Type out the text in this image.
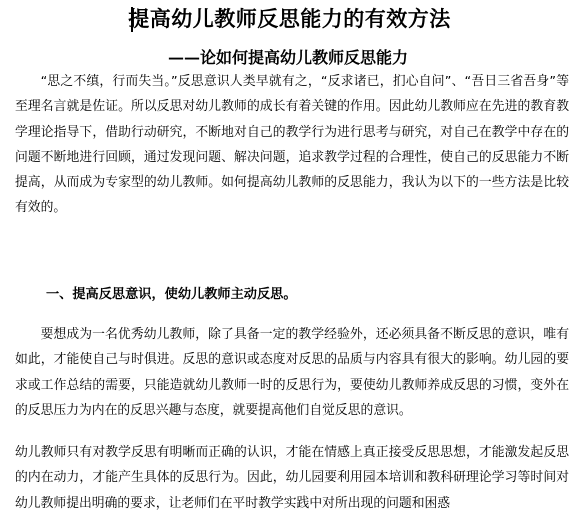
提高幼儿教师反思能力的有效方法
——论如何提高幼儿教师反思能力

“思之不缜，行而失当。”反思意识人类早就有之，“反求诸已，扪心自问”、“吾日三省吾身”等至理名言就是佐证。所以反思对幼儿教师的成长有着关键的作用。因此幼儿教师应在先进的教育教学理论指导下，借助行动研究，不断地对自己的教学行为进行思考与研究，对自己在教学中存在的问题不断地进行回顾，通过发现问题、解决问题，追求教学过程的合理性，使自己的反思能力不断提高，从而成为专家型的幼儿教师。如何提高幼儿教师的反思能力，我认为以下的一些方法是比较有效的。

一、提高反思意识，使幼儿教师主动反思。

要想成为一名优秀幼儿教师，除了具备一定的教学经验外，还必须具备不断反思的意识，唯有如此，才能使自己与时俱进。反思的意识或态度对反思的品质与内容具有很大的影响。幼儿园的要求或工作总结的需要，只能造就幼儿教师一时的反思行为，要使幼儿教师养成反思的习惯，变外在的反思压力为内在的反思兴趣与态度，就要提高他们自觉反思的意识。

幼儿教师只有对教学反思有明晰而正确的认识，才能在情感上真正接受反思思想，才能激发起反思的内在动力，才能产生具体的反思行为。因此，幼儿园要利用园本培训和教科研理论学习等时间对幼儿教师提出明确的要求，让老师们在平时教学实践中对所出现的问题和困惑
